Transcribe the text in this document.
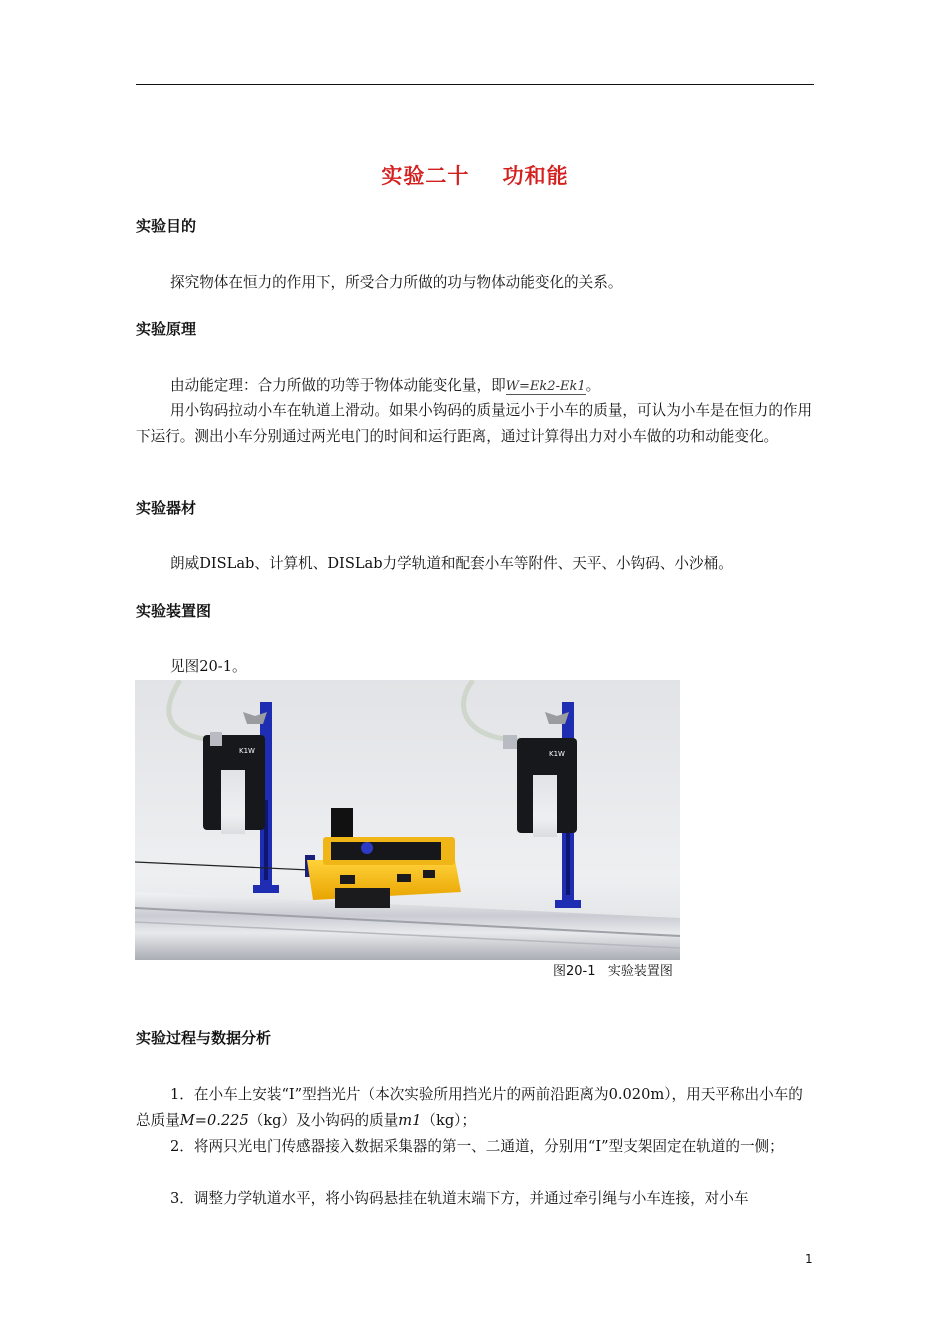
实验二十    功和能
实验目的

探究物体在恒力的作用下，所受合力所做的功与物体动能变化的关系。

实验原理

由动能定理：合力所做的功等于物体动能变化量，即W=Ek2-Ek1。

用小钩码拉动小车在轨道上滑动。如果小钩码的质量远小于小车的质量，可认为小车是在恒力的作用下运行。测出小车分别通过两光电门的时间和运行距离，通过计算得出力对小车做的功和动能变化。

实验器材

朗威DISLab、计算机、DISLab力学轨道和配套小车等附件、天平、小钩码、小沙桶。

实验装置图

见图20-1。

K1W	K1W
图20-1   实验装置图
实验过程与数据分析

1．在小车上安装“I”型挡光片（本次实验所用挡光片的两前沿距离为0.020m），用天平称出小车的总质量M=0.225（kg）及小钩码的质量m1（kg）；

2．将两只光电门传感器接入数据采集器的第一、二通道，分别用“I”型支架固定在轨道的一侧；

3．调整力学轨道水平，将小钩码悬挂在轨道末端下方，并通过牵引绳与小车连接，对小车

1
